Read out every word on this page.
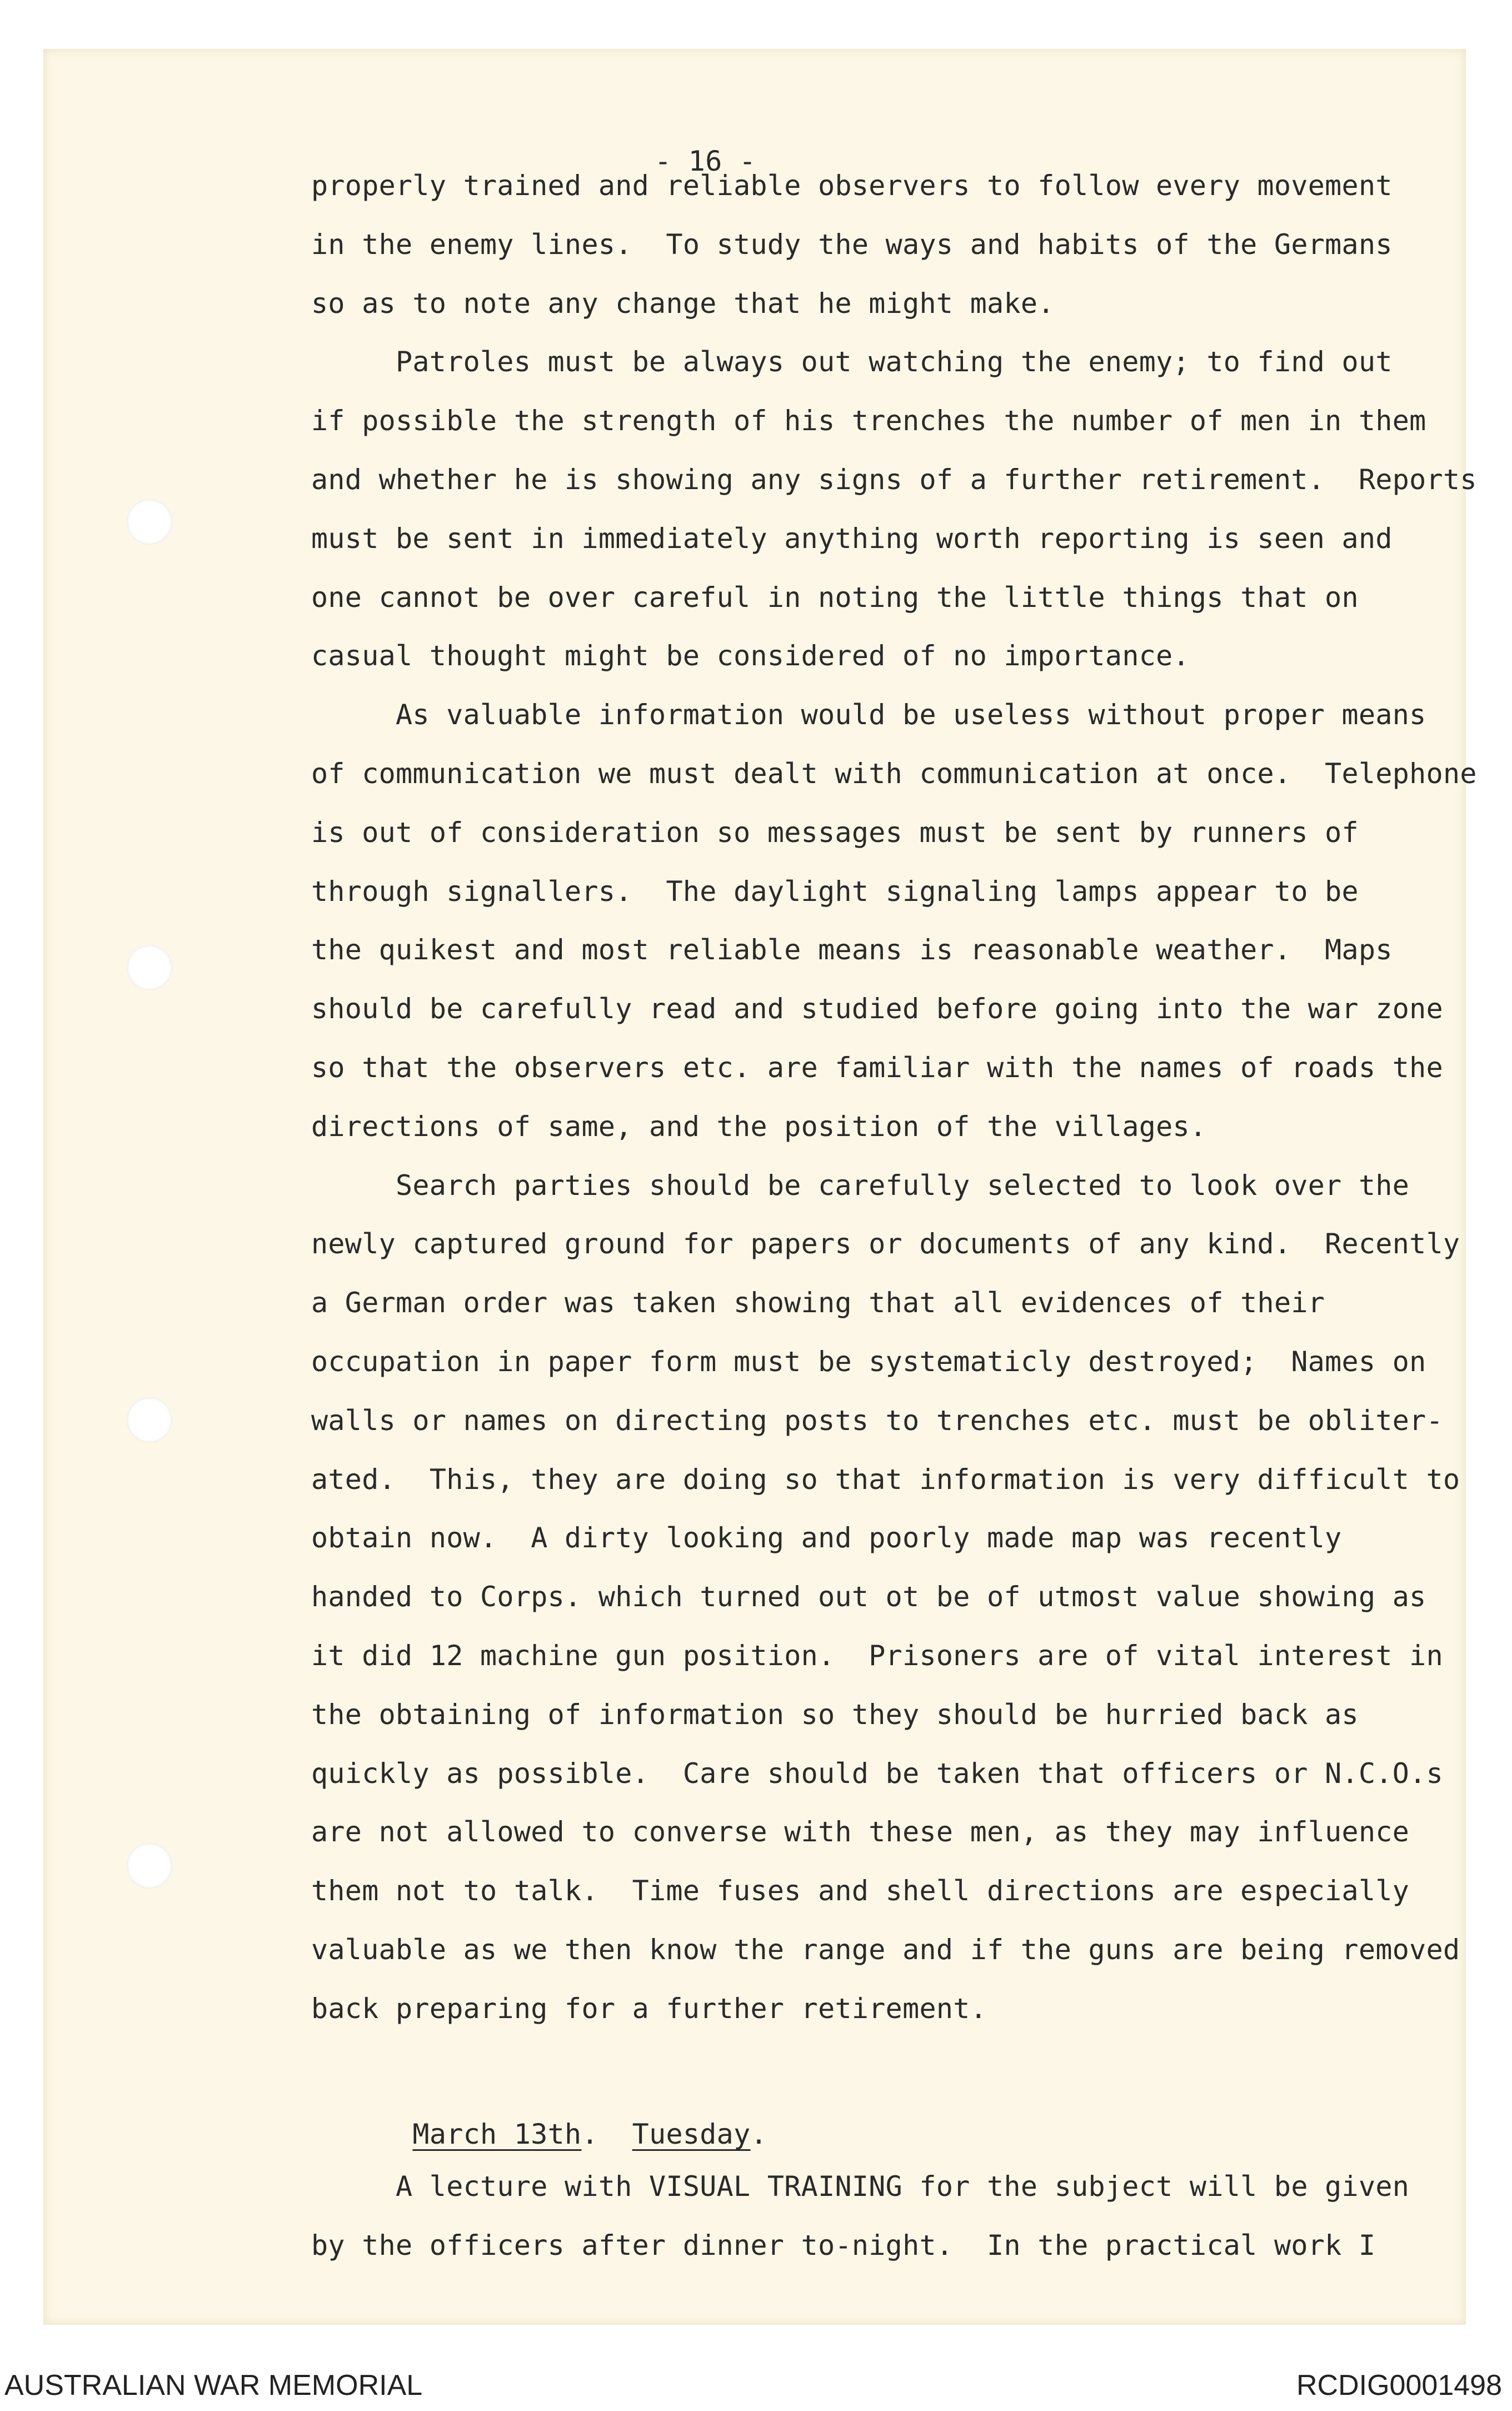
- 16 -
properly trained and reliable observers to follow every movement
in the enemy lines.  To study the ways and habits of the Germans
so as to note any change that he might make.
Patroles must be always out watching the enemy; to find out
if possible the strength of his trenches the number of men in them
and whether he is showing any signs of a further retirement.  Reports
must be sent in immediately anything worth reporting is seen and
one cannot be over careful in noting the little things that on
casual thought might be considered of no importance.
As valuable information would be useless without proper means
of communication we must dealt with communication at once.  Telephone
is out of consideration so messages must be sent by runners of
through signallers.  The daylight signaling lamps appear to be
the quikest and most reliable means is reasonable weather.  Maps
should be carefully read and studied before going into the war zone
so that the observers etc. are familiar with the names of roads the
directions of same, and the position of the villages.
Search parties should be carefully selected to look over the
newly captured ground for papers or documents of any kind.  Recently
a German order was taken showing that all evidences of their
occupation in paper form must be systematicly destroyed;  Names on
walls or names on directing posts to trenches etc. must be obliter-
ated.  This, they are doing so that information is very difficult to
obtain now.  A dirty looking and poorly made map was recently
handed to Corps. which turned out ot be of utmost value showing as
it did 12 machine gun position.  Prisoners are of vital interest in
the obtaining of information so they should be hurried back as
quickly as possible.  Care should be taken that officers or N.C.O.s
are not allowed to converse with these men, as they may influence
them not to talk.  Time fuses and shell directions are especially
valuable as we then know the range and if the guns are being removed
back preparing for a further retirement.

March 13th.  Tuesday.

A lecture with VISUAL TRAINING for the subject will be given
by the officers after dinner to-night.  In the practical work I
AUSTRALIAN WAR MEMORIAL	RCDIG0001498
